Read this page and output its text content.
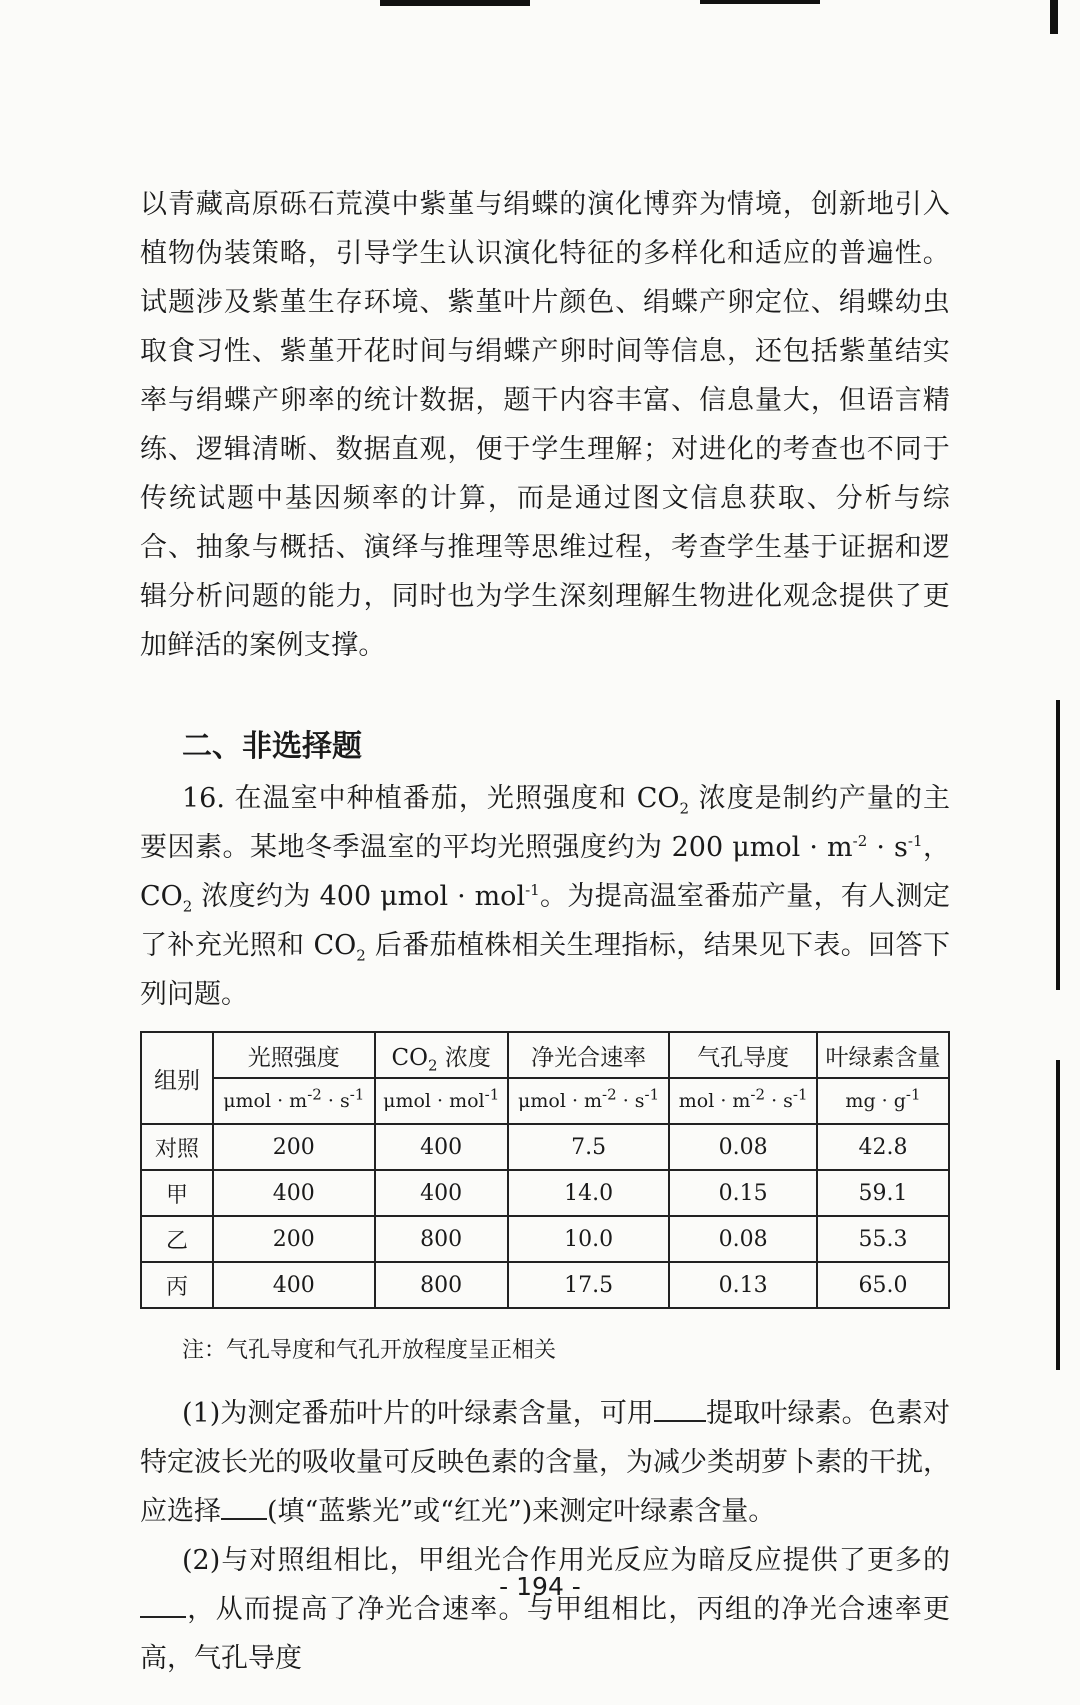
以青藏高原砾石荒漠中紫堇与绢蝶的演化博弈为情境，创新地引入植物伪装策略，引导学生认识演化特征的多样化和适应的普遍性。试题涉及紫堇生存环境、紫堇叶片颜色、绢蝶产卵定位、绢蝶幼虫取食习性、紫堇开花时间与绢蝶产卵时间等信息，还包括紫堇结实率与绢蝶产卵率的统计数据，题干内容丰富、信息量大，但语言精练、逻辑清晰、数据直观，便于学生理解；对进化的考查也不同于传统试题中基因频率的计算，而是通过图文信息获取、分析与综合、抽象与概括、演绎与推理等思维过程，考查学生基于证据和逻辑分析问题的能力，同时也为学生深刻理解生物进化观念提供了更加鲜活的案例支撑。

二、非选择题

16. 在温室中种植番茄，光照强度和 $CO_2$ 浓度是制约产量的主要因素。某地冬季温室的平均光照强度约为 200 $\mu mol \cdot m^{-2} \cdot s^{-1}$，$CO_2$ 浓度约为 400 μmol · mol$^{-1}$。为提高温室番茄产量，有人测定了补充光照和 $CO_2$ 后番茄植株相关生理指标，结果见下表。回答下列问题。

组别	光照强度	$CO_2$ 浓度	净光合速率	气孔导度	叶绿素含量
	$\mu mol \cdot m^{-2} \cdot s^{-1}$	μmol · mol$^{-1}$	$\mu mol \cdot m^{-2} \cdot s^{-1}$	mol · $m^{-2} \cdot s^{-1}$	mg · $g^{-1}$
对照	200	400	7.5	0.08	42.8
甲	400	400	14.0	0.15	59.1
乙	200	800	10.0	0.08	55.3
丙	400	800	17.5	0.13	65.0
注：气孔导度和气孔开放程度呈正相关

(1)为测定番茄叶片的叶绿素含量，可用 提取叶绿素。色素对特定波长光的吸收量可反映色素的含量，为减少类胡萝卜素的干扰，应选择 (填“蓝紫光”或“红光”)来测定叶绿素含量。

(2)与对照组相比，甲组光合作用光反应为暗反应提供了更多的，从而提高了净光合速率。与甲组相比，丙组的净光合速率更高，气孔导度

- 194 -
